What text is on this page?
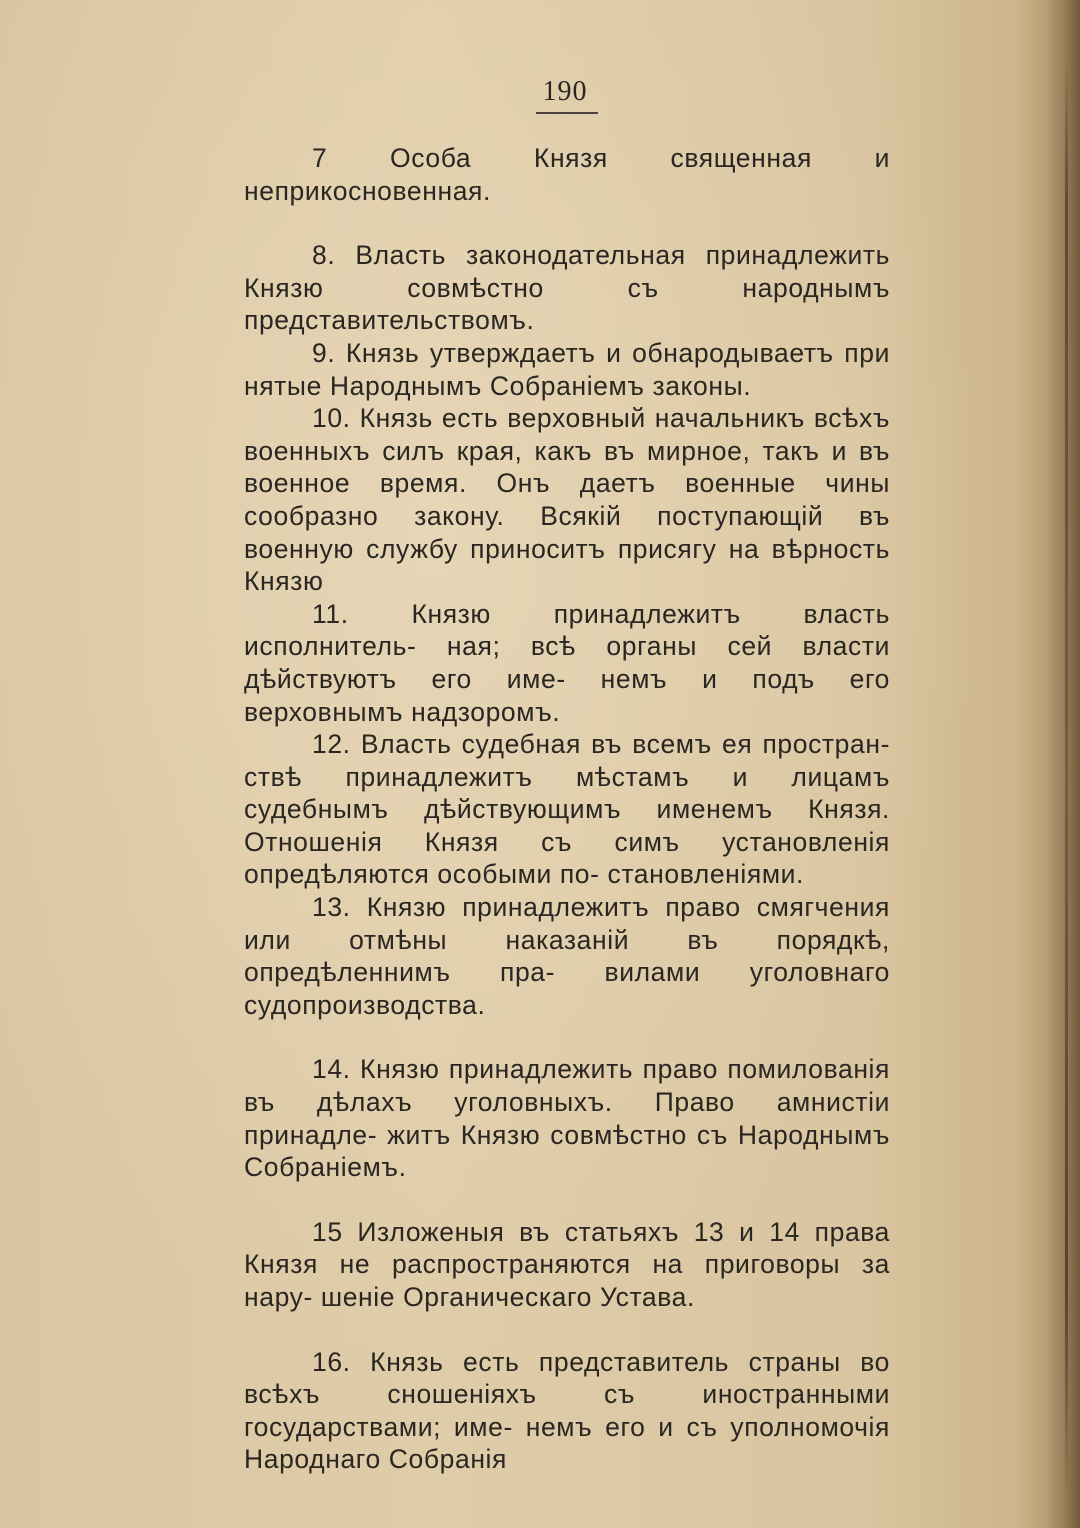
190

7 Особа Князя священная и неприкосновенная.

8. Власть законодательная принадлежить Князю совмѣстно съ народнымъ представительствомъ.

9. Князь утверждаетъ и обнародываетъ при нятые Народнымъ Собраніемъ законы.

10. Князь есть верховный начальникъ всѣхъ военныхъ силъ края, какъ въ мирное, такъ и въ военное время. Онъ даетъ военные чины сообразно закону. Всякій поступающій въ военную службу приноситъ присягу на вѣрность Князю

11. Князю принадлежитъ власть исполнитель- ная; всѣ органы сей власти дѣйствуютъ его име- немъ и подъ его верховнымъ надзоромъ.

12. Власть судебная въ всемъ ея простран- ствѣ принадлежитъ мѣстамъ и лицамъ судебнымъ дѣйствующимъ именемъ Князя. Отношенія Князя съ симъ установленія опредѣляются особыми по- становленіями.

13. Князю принадлежитъ право смягчения или отмѣны наказаній въ порядкѣ, опредѣленнимъ пра- вилами уголовнаго судопроизводства.

14. Князю принадлежить право помилованія въ дѣлахъ уголовныхъ. Право амнистіи принадле- житъ Князю совмѣстно съ Народнымъ Собраніемъ.

15 Изложеныя въ статьяхъ 13 и 14 права Князя не распространяются на приговоры за нару- шеніе Органическаго Устава.

16. Князь есть представитель страны во всѣхъ сношеніяхъ съ иностранными государствами; име- немъ его и съ уполномочія Народнаго Собранія
